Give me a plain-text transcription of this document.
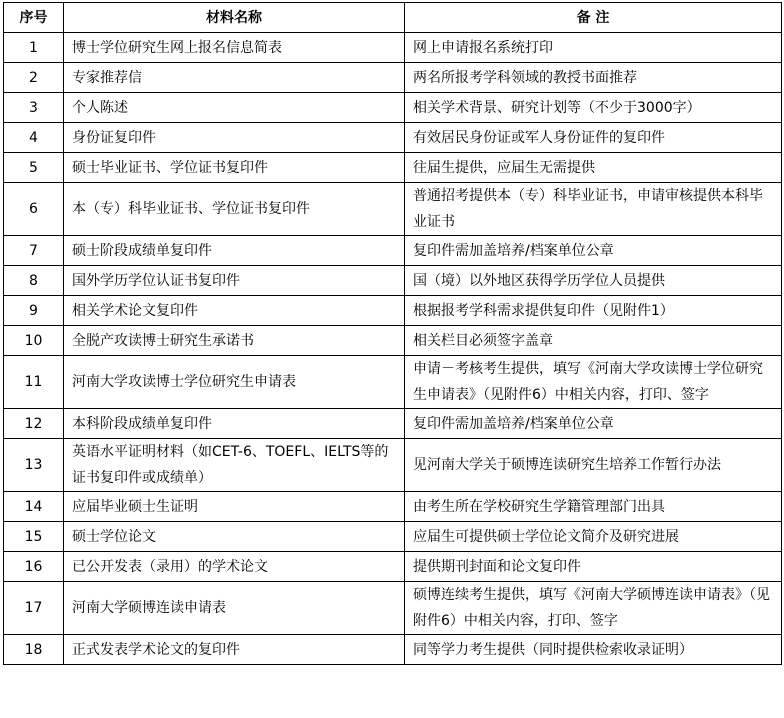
序号	材料名称	备 注
1	博士学位研究生网上报名信息简表	网上申请报名系统打印
2	专家推荐信	两名所报考学科领域的教授书面推荐
3	个人陈述	相关学术背景、研究计划等（不少于3000字）
4	身份证复印件	有效居民身份证或军人身份证件的复印件
5	硕士毕业证书、学位证书复印件	往届生提供，应届生无需提供
6	本（专）科毕业证书、学位证书复印件	普通招考提供本（专）科毕业证书，申请审核提供本科毕业证书
7	硕士阶段成绩单复印件	复印件需加盖培养/档案单位公章
8	国外学历学位认证书复印件	国（境）以外地区获得学历学位人员提供
9	相关学术论文复印件	根据报考学科需求提供复印件（见附件1）
10	全脱产攻读博士研究生承诺书	相关栏目必须签字盖章
11	河南大学攻读博士学位研究生申请表	申请－考核考生提供，填写《河南大学攻读博士学位研究生申请表》（见附件6）中相关内容，打印、签字
12	本科阶段成绩单复印件	复印件需加盖培养/档案单位公章
13	英语水平证明材料（如CET-6、TOEFL、IELTS等的证书复印件或成绩单）	见河南大学关于硕博连读研究生培养工作暂行办法
14	应届毕业硕士生证明	由考生所在学校研究生学籍管理部门出具
15	硕士学位论文	应届生可提供硕士学位论文简介及研究进展
16	已公开发表（录用）的学术论文	提供期刊封面和论文复印件
17	河南大学硕博连读申请表	硕博连续考生提供，填写《河南大学硕博连读申请表》（见附件6）中相关内容，打印、签字
18	正式发表学术论文的复印件	同等学力考生提供（同时提供检索收录证明）
